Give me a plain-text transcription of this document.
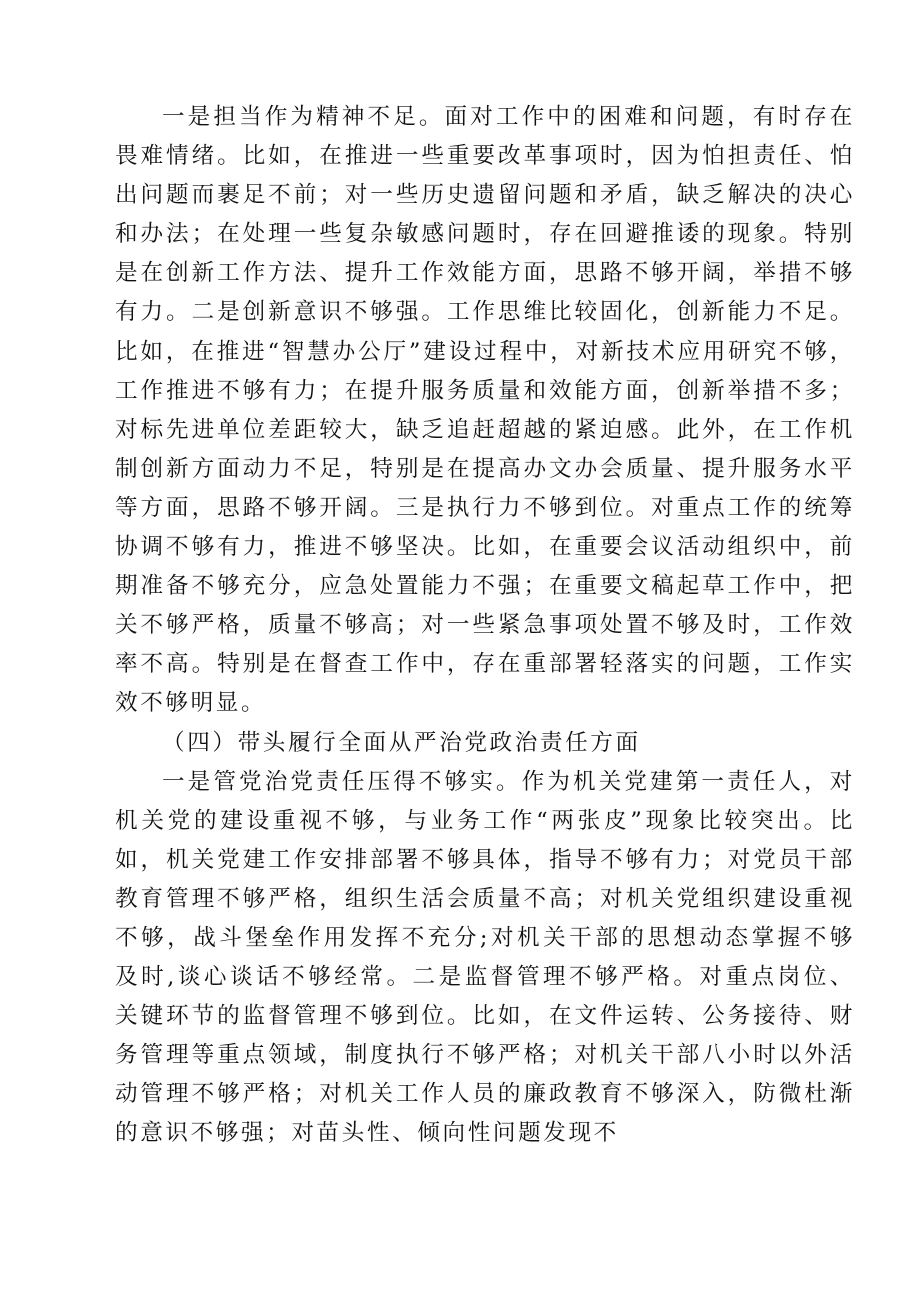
一是担当作为精神不足。面对工作中的困难和问题，有时存在畏难情绪。比如，在推进一些重要改革事项时，因为怕担责任、怕出问题而裹足不前；对一些历史遗留问题和矛盾，缺乏解决的决心和办法；在处理一些复杂敏感问题时，存在回避推诿的现象。特别是在创新工作方法、提升工作效能方面，思路不够开阔，举措不够有力。二是创新意识不够强。工作思维比较固化，创新能力不足。比如，在推进“智慧办公厅”建设过程中，对新技术应用研究不够，工作推进不够有力；在提升服务质量和效能方面，创新举措不多；对标先进单位差距较大，缺乏追赶超越的紧迫感。此外，在工作机制创新方面动力不足，特别是在提高办文办会质量、提升服务水平等方面，思路不够开阔。三是执行力不够到位。对重点工作的统筹协调不够有力，推进不够坚决。比如，在重要会议活动组织中，前期准备不够充分，应急处置能力不强；在重要文稿起草工作中，把关不够严格，质量不够高；对一些紧急事项处置不够及时，工作效率不高。特别是在督查工作中，存在重部署轻落实的问题，工作实效不够明显。

（四）带头履行全面从严治党政治责任方面

一是管党治党责任压得不够实。作为机关党建第一责任人，对机关党的建设重视不够，与业务工作“两张皮”现象比较突出。比如，机关党建工作安排部署不够具体，指导不够有力；对党员干部教育管理不够严格，组织生活会质量不高；对机关党组织建设重视不够，战斗堡垒作用发挥不充分;对机关干部的思想动态掌握不够及时,谈心谈话不够经常。二是监督管理不够严格。对重点岗位、关键环节的监督管理不够到位。比如，在文件运转、公务接待、财务管理等重点领域，制度执行不够严格；对机关干部八小时以外活动管理不够严格；对机关工作人员的廉政教育不够深入，防微杜渐的意识不够强；对苗头性、倾向性问题发现不
